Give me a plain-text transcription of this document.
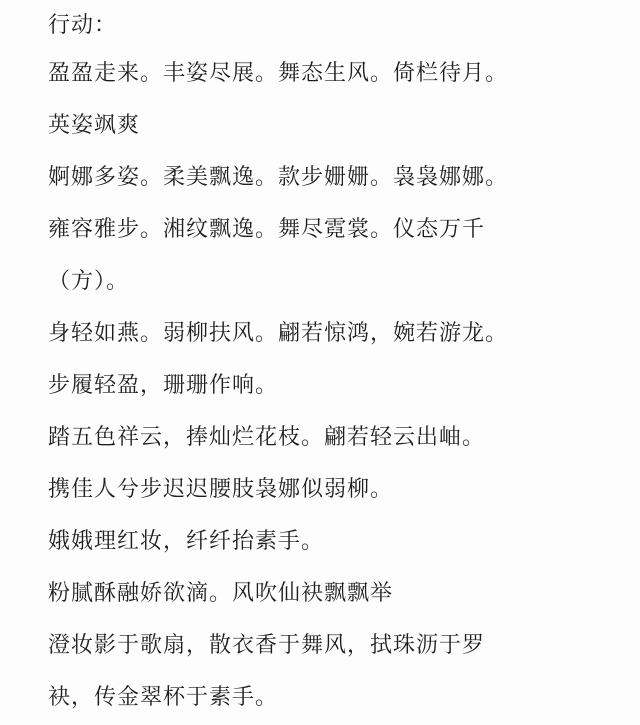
行动：
盈盈走来。丰姿尽展。舞态生风。倚栏待月。
英姿飒爽
婀娜多姿。柔美飘逸。款步姗姗。袅袅娜娜。
雍容雅步。湘纹飘逸。舞尽霓裳。仪态万千
（方）。
身轻如燕。弱柳扶风。翩若惊鸿，婉若游龙。
步履轻盈，珊珊作响。
踏五色祥云，捧灿烂花枝。翩若轻云出岫。
携佳人兮步迟迟腰肢袅娜似弱柳。
娥娥理红妆，纤纤抬素手。
粉腻酥融娇欲滴。风吹仙袂飘飘举
澄妆影于歌扇，散衣香于舞风，拭珠沥于罗
袂，传金翠杯于素手。
